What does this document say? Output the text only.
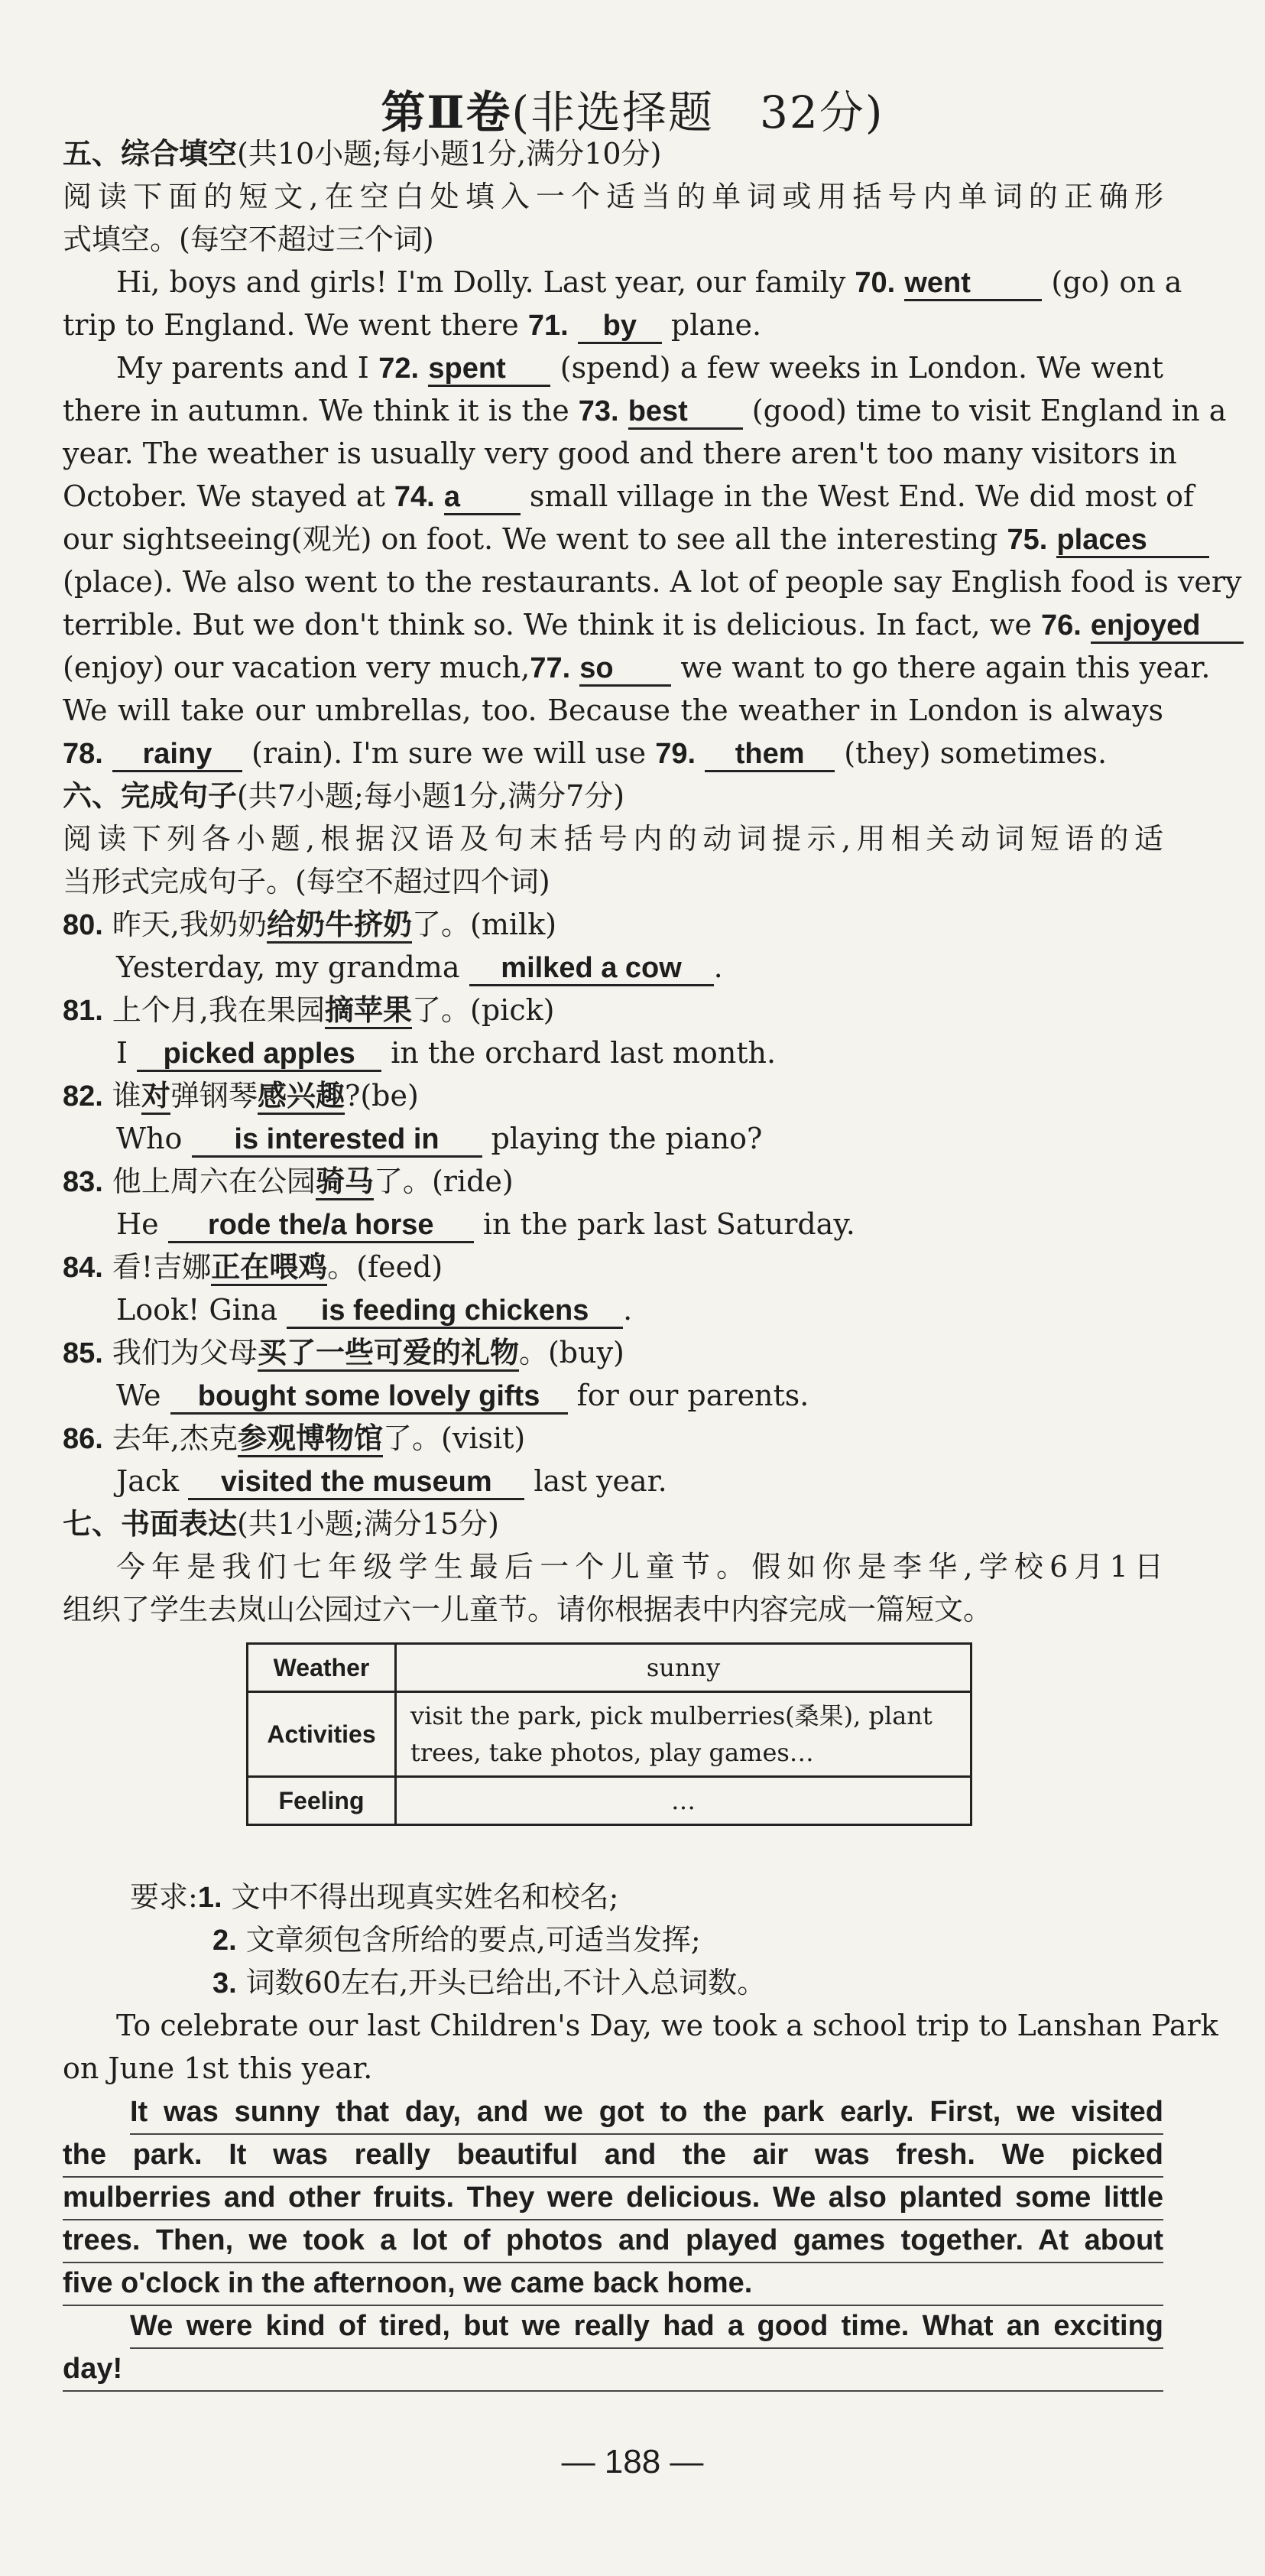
第Ⅱ卷(非选择题　32分)
五、综合填空(共10小题;每小题1分,满分10分)
阅读下面的短文,在空白处填入一个适当的单词或用括号内单词的正确形
式填空。(每空不超过三个词)
Hi, boys and girls! I'm Dolly. Last year, our family 70. went	(go) on a
trip to England. We went there 71. by plane.
My parents and I 72. spent (spend) a few weeks in London. We went
there in autumn. We think it is the 73. best (good) time to visit England in a
year. The weather is usually very good and there aren't too many visitors in
October. We stayed at 74. a small village in the West End. We did most of
our sightseeing(观光) on foot. We went to see all the interesting 75. places
(place). We also went to the restaurants. A lot of people say English food is very
terrible. But we don't think so. We think it is delicious. In fact, we 76. enjoyed
(enjoy) our vacation very much,77. so we want to go there again this year.
We will take our umbrellas, too. Because the weather in London is always
78. rainy (rain). I'm sure we will use 79. them (they) sometimes.
六、完成句子(共7小题;每小题1分,满分7分)
阅读下列各小题,根据汉语及句末括号内的动词提示,用相关动词短语的适
当形式完成句子。(每空不超过四个词)
80. 昨天,我奶奶给奶牛挤奶了。(milk)
Yesterday, my grandma milked a cow .
81. 上个月,我在果园摘苹果了。(pick)
I picked apples in the orchard last month.
82. 谁对弹钢琴感兴趣?(be)
Who is interested in playing the piano?
83. 他上周六在公园骑马了。(ride)
He rode the/a horse in the park last Saturday.
84. 看!吉娜正在喂鸡。(feed)
Look! Gina is feeding chickens .
85. 我们为父母买了一些可爱的礼物。(buy)
We bought some lovely gifts for our parents.
86. 去年,杰克参观博物馆了。(visit)
Jack visited the museum last year.
七、书面表达(共1小题;满分15分)
今年是我们七年级学生最后一个儿童节。假如你是李华,学校6月1日
组织了学生去岚山公园过六一儿童节。请你根据表中内容完成一篇短文。
Weather	sunny
Activities	visit the park, pick mulberries(桑果), plant
trees, take photos, play games…

Feeling	…
要求:1. 文中不得出现真实姓名和校名;
2. 文章须包含所给的要点,可适当发挥;
3. 词数60左右,开头已给出,不计入总词数。
To celebrate our last Children's Day, we took a school trip to Lanshan Park
on June 1st this year.
It was sunny that day, and we got to the park early. First, we visited
the park. It was really beautiful and the air was fresh. We picked
mulberries and other fruits. They were delicious. We also planted some little
trees. Then, we took a lot of photos and played games together. At about
five o'clock in the afternoon, we came back home.
We were kind of tired, but we really had a good time. What an exciting
day!
— 188 —
